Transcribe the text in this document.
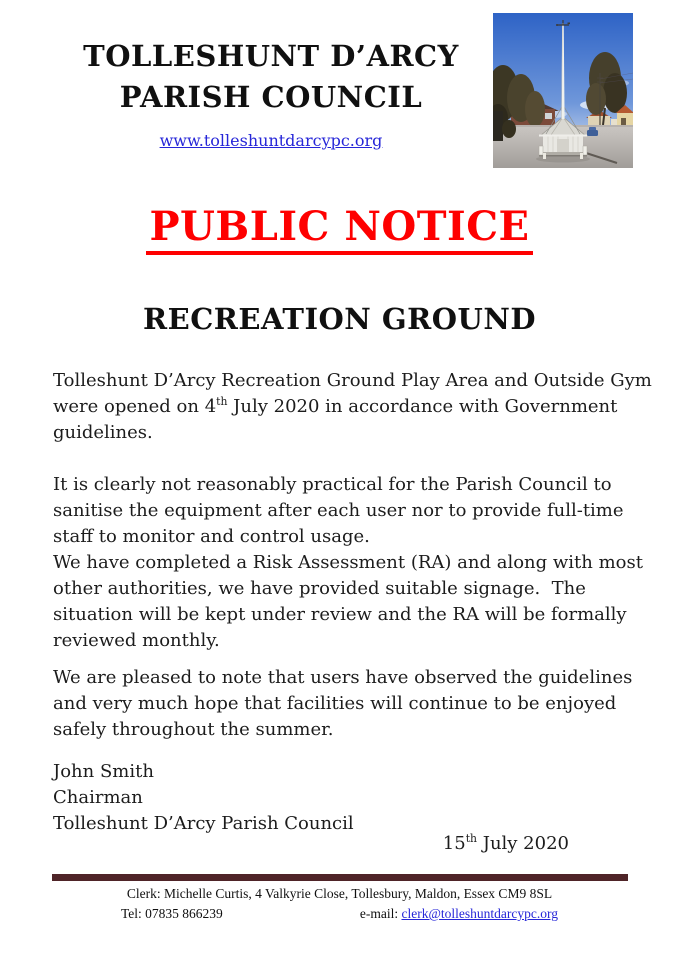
TOLLESHUNT D’ARCY
PARISH COUNCIL
www.tolleshuntdarcypc.org
PUBLIC NOTICE
RECREATION GROUND
Tolleshunt D’Arcy Recreation Ground Play Area and Outside Gym
were opened on 4th July 2020 in accordance with Government
guidelines.
It is clearly not reasonably practical for the Parish Council to
sanitise the equipment after each user nor to provide full-time
staff to monitor and control usage.
We have completed a Risk Assessment (RA) and along with most
other authorities, we have provided suitable signage.  The
situation will be kept under review and the RA will be formally
reviewed monthly.
We are pleased to note that users have observed the guidelines
and very much hope that facilities will continue to be enjoyed
safely throughout the summer.
John Smith
Chairman
Tolleshunt D’Arcy Parish Council
15th July 2020
Clerk: Michelle Curtis, 4 Valkyrie Close, Tollesbury, Maldon, Essex CM9 8SL
Tel: 07835 866239	e-mail: clerk@tolleshuntdarcypc.org
